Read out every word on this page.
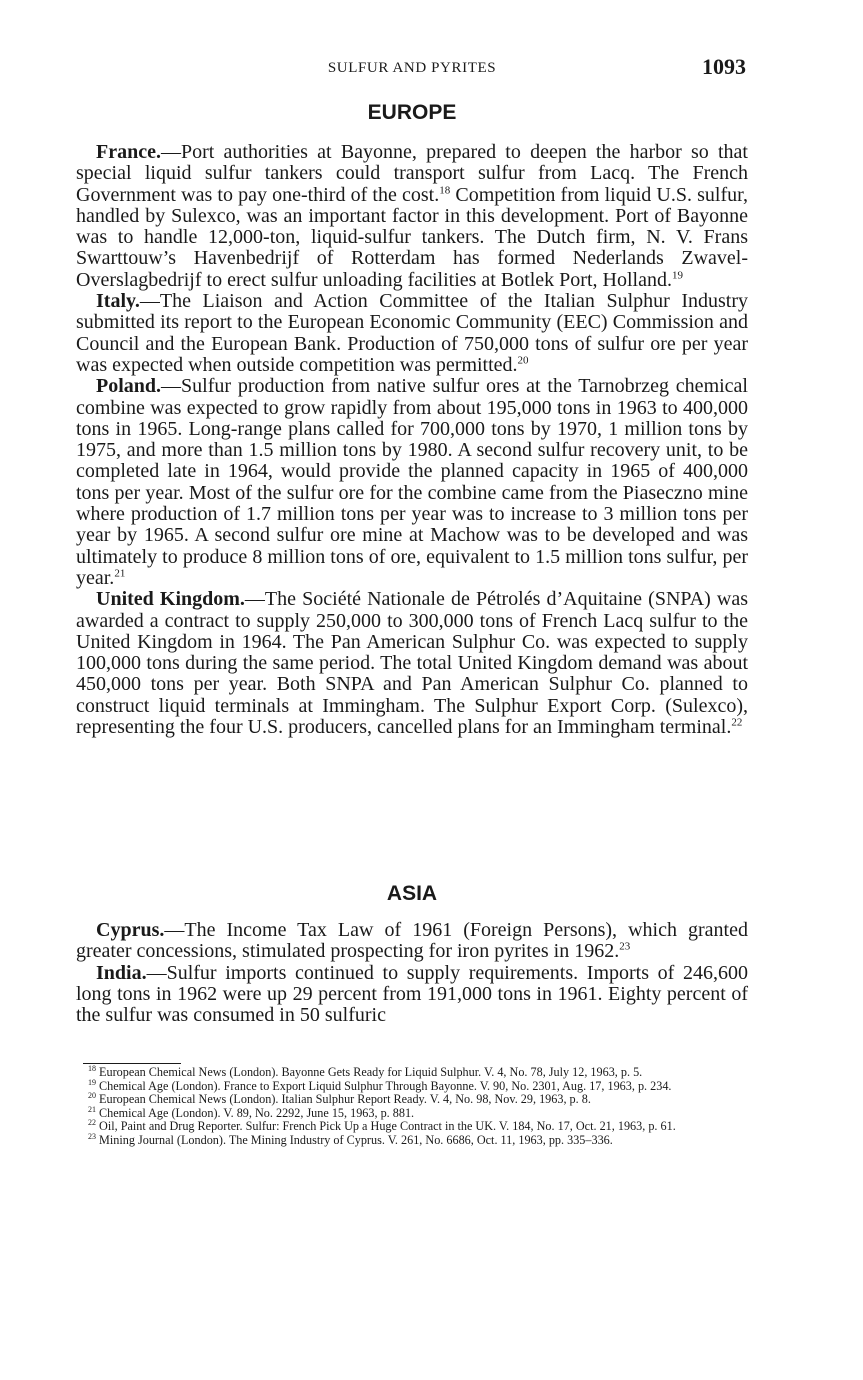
SULFUR AND PYRITES	1093
EUROPE

France.—Port authorities at Bayonne, prepared to deepen the harbor so that special liquid sulfur tankers could transport sulfur from Lacq. The French Government was to pay one-third of the cost.$^{18}$ Competition from liquid U.S. sulfur, handled by Sulexco, was an important factor in this development. Port of Bayonne was to handle 12,000-ton, liquid-sulfur tankers. The Dutch firm, N. V. Frans Swarttouw’s Havenbedrijf of Rotterdam has formed Nederlands Zwavel-Overslagbedrijf to erect sulfur unloading facilities at Botlek Port, Holland.$^{19}$

Italy.—The Liaison and Action Committee of the Italian Sulphur Industry submitted its report to the European Economic Community (EEC) Commission and Council and the European Bank. Production of 750,000 tons of sulfur ore per year was expected when outside competition was permitted.$^{20}$

Poland.—Sulfur production from native sulfur ores at the Tarnobrzeg chemical combine was expected to grow rapidly from about 195,000 tons in 1963 to 400,000 tons in 1965. Long-range plans called for 700,000 tons by 1970, 1 million tons by 1975, and more than 1.5 million tons by 1980. A second sulfur recovery unit, to be completed late in 1964, would provide the planned capacity in 1965 of 400,000 tons per year. Most of the sulfur ore for the combine came from the Piaseczno mine where production of 1.7 million tons per year was to increase to 3 million tons per year by 1965. A second sulfur ore mine at Machow was to be developed and was ultimately to produce 8 million tons of ore, equivalent to 1.5 million tons sulfur, per year.$^{21}$

United Kingdom.—The Société Nationale de Pétrolés d’Aquitaine (SNPA) was awarded a contract to supply 250,000 to 300,000 tons of French Lacq sulfur to the United Kingdom in 1964. The Pan American Sulphur Co. was expected to supply 100,000 tons during the same period. The total United Kingdom demand was about 450,000 tons per year. Both SNPA and Pan American Sulphur Co. planned to construct liquid terminals at Immingham. The Sulphur Export Corp. (Sulexco), representing the four U.S. producers, cancelled plans for an Immingham terminal.$^{22}$

ASIA

Cyprus.—The Income Tax Law of 1961 (Foreign Persons), which granted greater concessions, stimulated prospecting for iron pyrites in 1962.23

India.—Sulfur imports continued to supply requirements. Imports of 246,600 long tons in 1962 were up 29 percent from 191,000 tons in 1961. Eighty percent of the sulfur was consumed in 50 sulfuric

$^{18}$ European Chemical News (London). Bayonne Gets Ready for Liquid Sulphur. V. 4, No. 78, July 12, 1963, p. 5.

$^{19}$ Chemical Age (London). France to Export Liquid Sulphur Through Bayonne. V. 90, No. 2301, Aug. 17, 1963, p. 234.

$^{20}$ European Chemical News (London). Italian Sulphur Report Ready. V. 4, No. 98, Nov. 29, 1963, p. 8.

$^{21}$ Chemical Age (London). V. 89, No. 2292, June 15, 1963, p. 881.

$^{22}$ Oil, Paint and Drug Reporter. Sulfur: French Pick Up a Huge Contract in the UK. V. 184, No. 17, Oct. 21, 1963, p. 61.

$^{23}$ Mining Journal (London). The Mining Industry of Cyprus. V. 261, No. 6686, Oct. 11, 1963, pp. 335–336.
